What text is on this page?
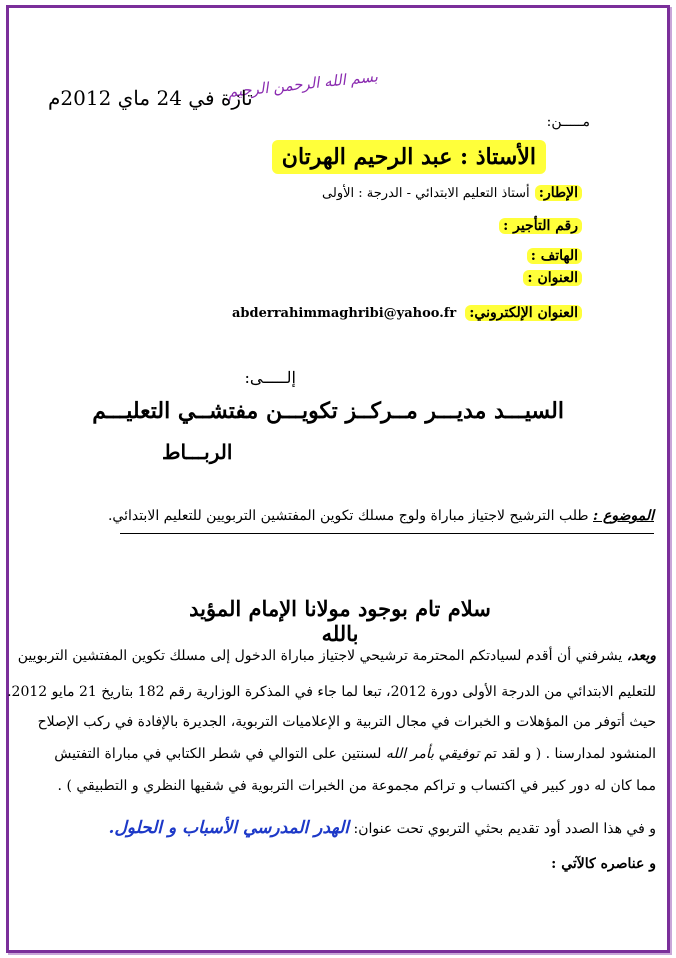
بسم الله الرحمن الرحيم
تازة في 24 ماي 2012م
مـــــن:
الأستاذ : عبد الرحيم الهرتان
الإطار: أستاذ التعليم الابتدائي - الدرجة : الأولى
رقم التأجير :
الهاتف :
العنوان :
العنوان الإلكتروني: abderrahimmaghribi@yahoo.fr
إلـــــى:
السيـــد مديـــر مــركــز تكويـــن مفتشــي التعليـــم
الربـــاط
الموضوع : طلب الترشيح لاجتياز مباراة ولوج مسلك تكوين المفتشين التربويين للتعليم الابتدائي.
سلام تام بوجود مولانا الإمام المؤيد بالله
وبعد، يشرفني أن أقدم لسيادتكم المحترمة ترشيحي لاجتياز مباراة الدخول إلى مسلك تكوين المفتشين التربويين
للتعليم الابتدائي من الدرجة الأولى دورة 2012، تبعا لما جاء في المذكرة الوزارية رقم 182 بتاريخ 21 مايو 2012.
حيث أتوفر من المؤهلات و الخبرات في مجال التربية و الإعلاميات التربوية، الجديرة بالإفادة في ركب الإصلاح
المنشود لمدارسنا . ( و لقد تم توفيقي بأمر الله لسنتين على التوالي في شطر الكتابي في مباراة التفتيش
مما كان له دور كبير في اكتساب و تراكم مجموعة من الخبرات التربوية في شقيها النظري و التطبيقي ) .
و في هذا الصدد أود تقديم بحثي التربوي تحت عنوان: الهدر المدرسي الأسباب و الحلول.
و عناصره كالآتي :
